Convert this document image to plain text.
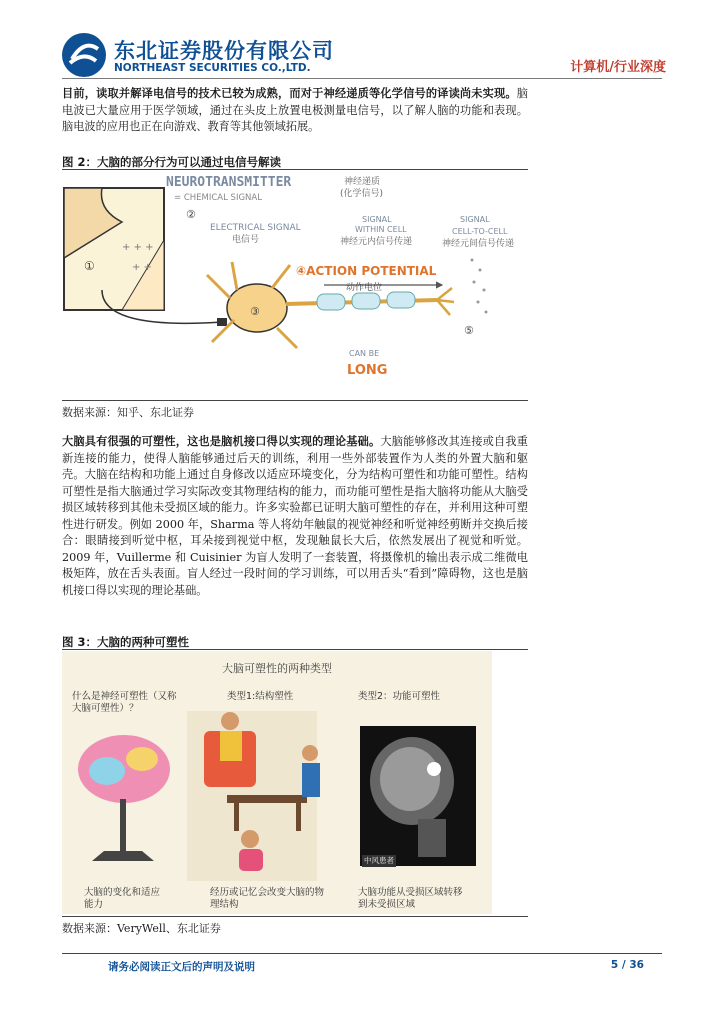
东北证券股份有限公司
NORTHEAST SECURITIES CO.,LTD.	计算机/行业深度
目前，读取并解译电信号的技术已较为成熟，而对于神经递质等化学信号的译读尚未实现。脑电波已大量应用于医学领域，通过在头皮上放置电极测量电信号，以了解人脑的功能和表现。脑电波的应用也正在向游戏、教育等其他领域拓展。
图 2：大脑的部分行为可以通过电信号解读
+ + +
+ +
①
②
③
⑤
NEUROTRANSMITTER
= CHEMICAL SIGNAL
神经递质
(化学信号)
ELECTRICAL SIGNAL
电信号
SIGNAL
WITHIN CELL
神经元内信号传递
SIGNAL
CELL-TO-CELL
神经元间信号传递
④ACTION POTENTIAL
动作电位
CAN BE
LONG
数据来源：知乎、东北证券
大脑具有很强的可塑性，这也是脑机接口得以实现的理论基础。大脑能够修改其连接或自我重新连接的能力，使得人脑能够通过后天的训练，利用一些外部装置作为人类的外置大脑和躯壳。大脑在结构和功能上通过自身修改以适应环境变化，分为结构可塑性和功能可塑性。结构可塑性是指大脑通过学习实际改变其物理结构的能力，而功能可塑性是指大脑将功能从大脑受损区域转移到其他未受损区域的能力。许多实验都已证明大脑可塑性的存在，并利用这种可塑性进行研发。例如 2000 年，Sharma 等人将幼年触鼠的视觉神经和听觉神经剪断并交换后接合：眼睛接到听觉中枢，耳朵接到视觉中枢，发现触鼠长大后，依然发展出了视觉和听觉。2009 年，Vuillerme 和 Cuisinier 为盲人发明了一套装置，将摄像机的输出表示成二维微电极矩阵，放在舌头表面。盲人经过一段时间的学习训练，可以用舌头“看到”障碍物，这也是脑机接口得以实现的理论基础。
图 3：大脑的两种可塑性
大脑可塑性的两种类型
什么是神经可塑性（又称
大脑可塑性）？
类型1:结构塑性	类型2：功能可塑性
中风患者
大脑的变化和适应
能力
经历或记忆会改变大脑的物
理结构
大脑功能从受损区域转移
到未受损区域
数据来源：VeryWell、东北证券
请务必阅读正文后的声明及说明	5 / 36
